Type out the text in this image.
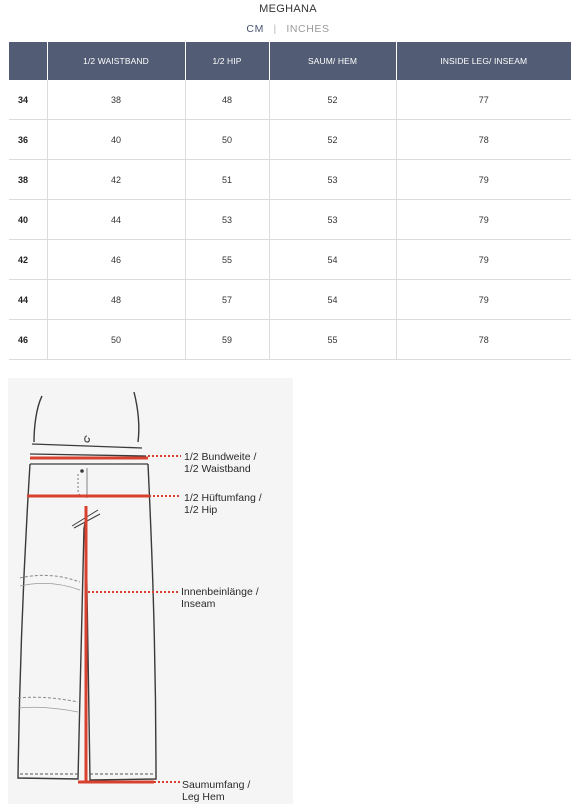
MEGHANA
CM | INCHES
	1/2 WAISTBAND	1/2 HIP	SAUM/ HEM	INSIDE LEG/ INSEAM
34	38	48	52	77
36	40	50	52	78
38	42	51	53	79
40	44	53	53	79
42	46	55	54	79
44	48	57	54	79
46	50	59	55	78
1/2 Bundweite /
1/2 Waistband
1/2 Hüftumfang /
1/2 Hip
Innenbeinlänge /
Inseam
Saumumfang /
Leg Hem
